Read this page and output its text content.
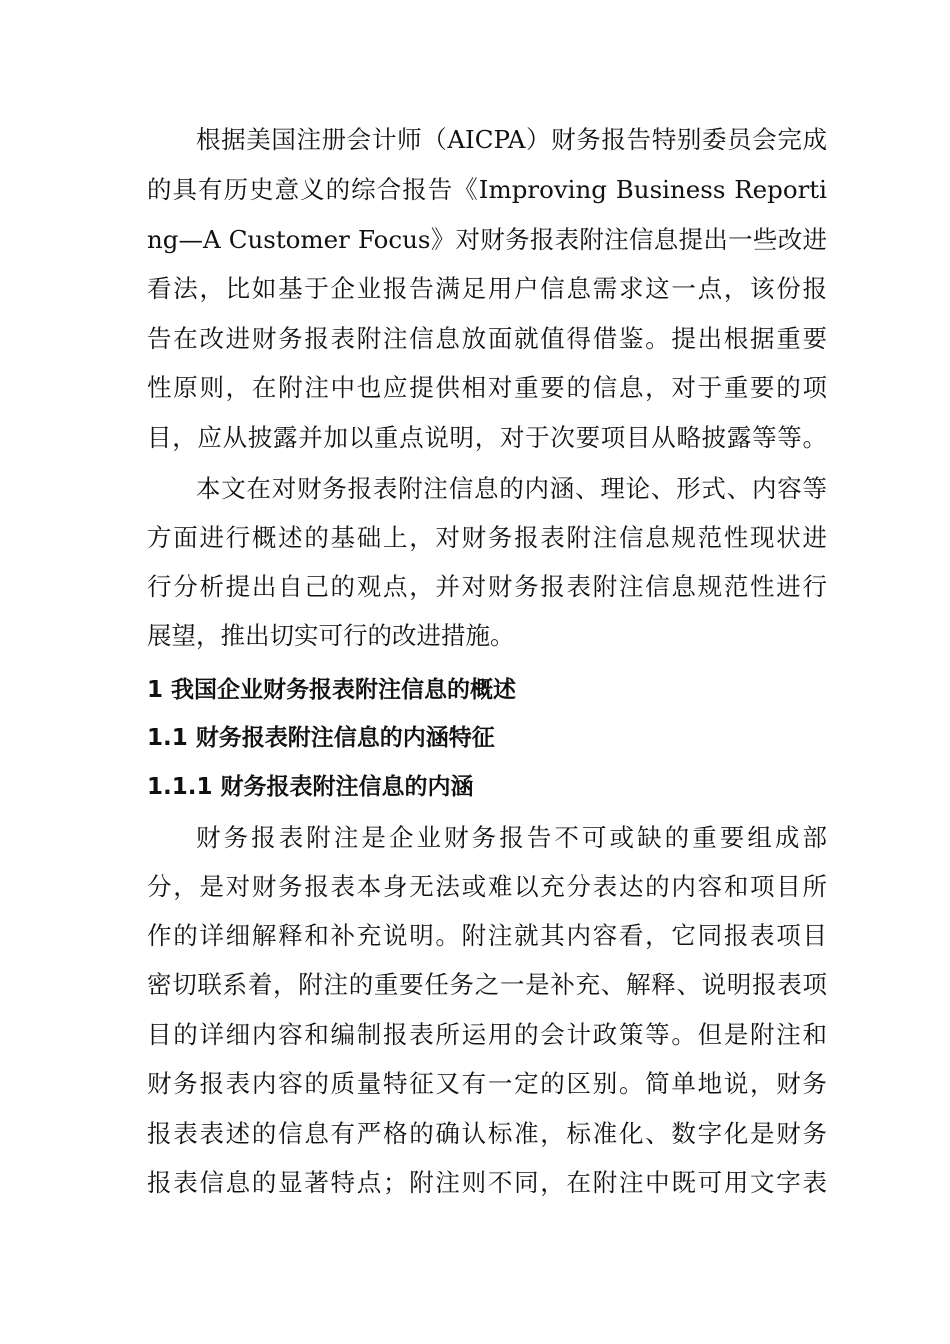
根据美国注册会计师（AICPA）财务报告特别委员会完成
的具有历史意义的综合报告《Improving Business Reporti
ng—A Customer Focus》对财务报表附注信息提出一些改进
看法，比如基于企业报告满足用户信息需求这一点，该份报
告在改进财务报表附注信息放面就值得借鉴。提出根据重要
性原则，在附注中也应提供相对重要的信息，对于重要的项
目，应从披露并加以重点说明，对于次要项目从略披露等等。
本文在对财务报表附注信息的内涵、理论、形式、内容等
方面进行概述的基础上，对财务报表附注信息规范性现状进
行分析提出自己的观点，并对财务报表附注信息规范性进行
展望，推出切实可行的改进措施。
1 我国企业财务报表附注信息的概述
1.1 财务报表附注信息的内涵特征
1.1.1 财务报表附注信息的内涵
财务报表附注是企业财务报告不可或缺的重要组成部
分，是对财务报表本身无法或难以充分表达的内容和项目所
作的详细解释和补充说明。附注就其内容看，它同报表项目
密切联系着，附注的重要任务之一是补充、解释、说明报表项
目的详细内容和编制报表所运用的会计政策等。但是附注和
财务报表内容的质量特征又有一定的区别。简单地说，财务
报表表述的信息有严格的确认标准，标准化、数字化是财务
报表信息的显著特点；附注则不同，在附注中既可用文字表
